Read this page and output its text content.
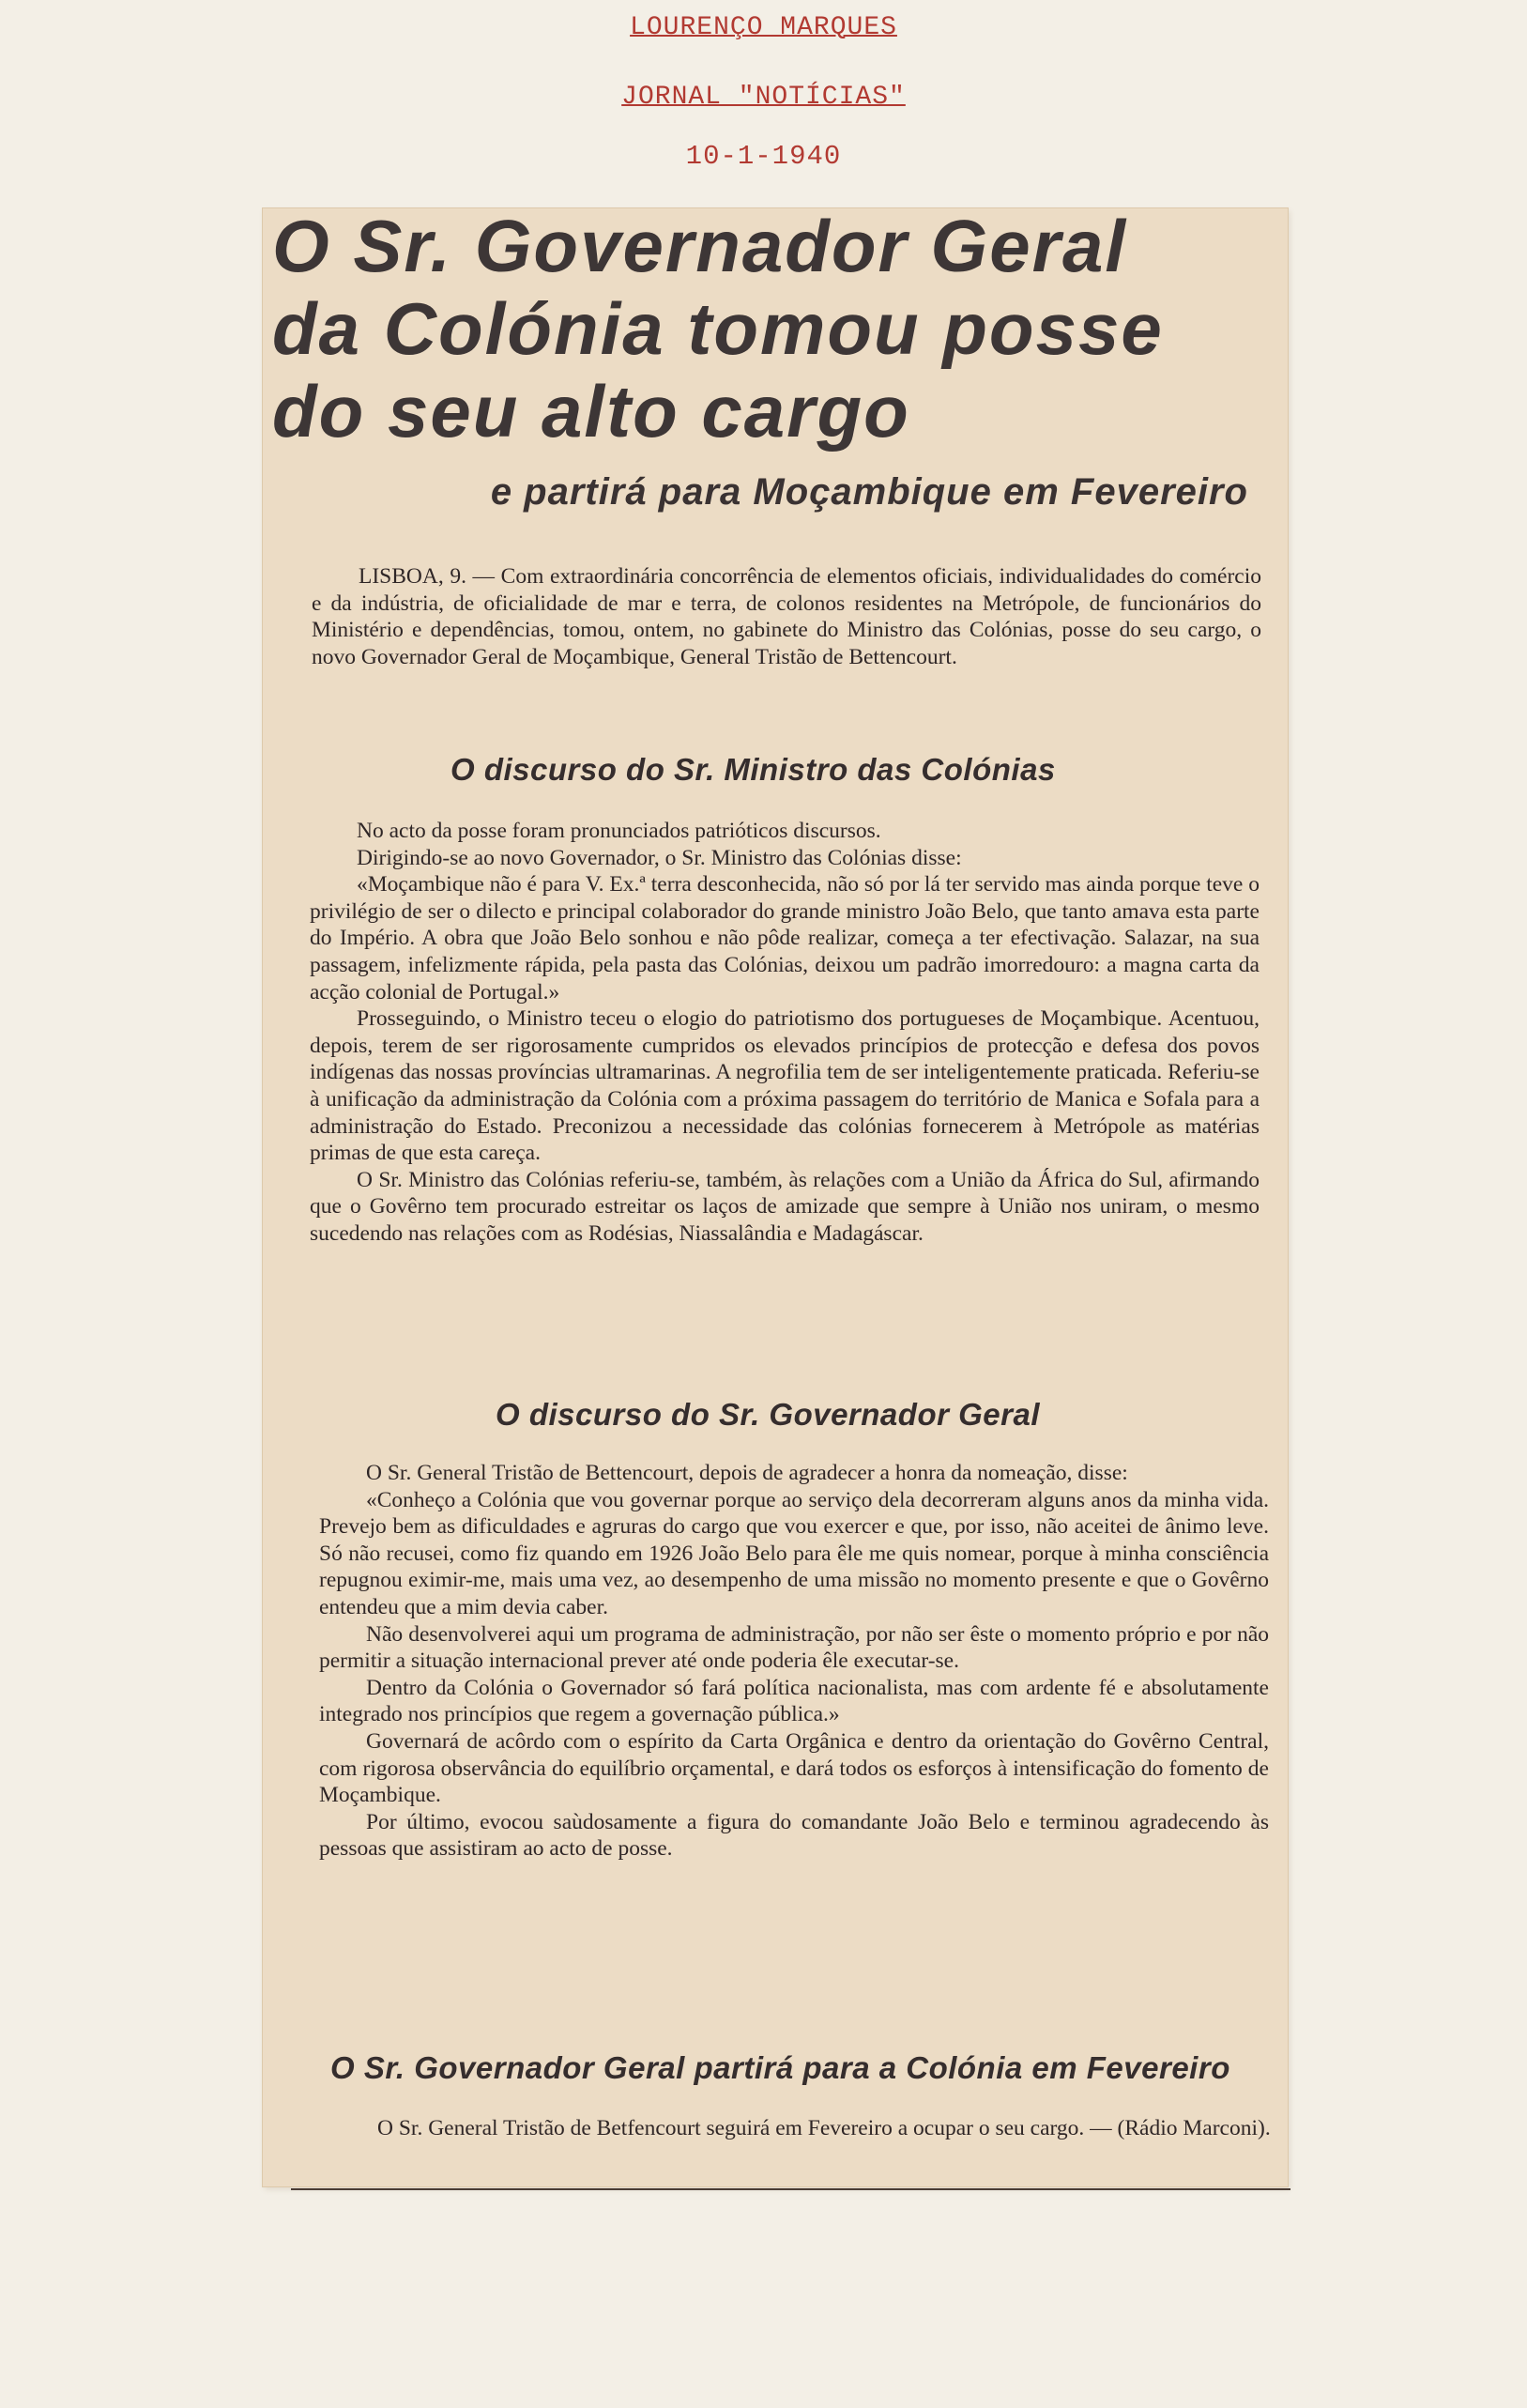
LOURENÇO MARQUES
JORNAL "NOTÍCIAS"
10-1-1940
O Sr. Governador Geral
da Colónia tomou posse
do seu alto cargo
e partirá para Moçambique em Fevereiro

LISBOA, 9. — Com extraordinária concorrência de elementos oficiais, individualidades do comércio e da indústria, de oficialidade de mar e terra, de colonos residentes na Metrópole, de funcionários do Ministério e dependências, tomou, ontem, no gabinete do Ministro das Colónias, posse do seu cargo, o novo Governador Geral de Moçambique, General Tristão de Bettencourt.

O discurso do Sr. Ministro das Colónias

No acto da posse foram pronunciados patrióticos discursos.

Dirigindo-se ao novo Governador, o Sr. Ministro das Colónias disse:

«Moçambique não é para V. Ex.ª terra desconhecida, não só por lá ter servido mas ainda porque teve o privilégio de ser o dilecto e principal colaborador do grande ministro João Belo, que tanto amava esta parte do Império. A obra que João Belo sonhou e não pôde realizar, começa a ter efectivação. Salazar, na sua passagem, infelizmente rápida, pela pasta das Colónias, deixou um padrão imorredouro: a magna carta da acção colonial de Portugal.»

Prosseguindo, o Ministro teceu o elogio do patriotismo dos portugueses de Moçambique. Acentuou, depois, terem de ser rigorosamente cumpridos os elevados princípios de protecção e defesa dos povos indígenas das nossas províncias ultramarinas. A negrofilia tem de ser inteligentemente praticada. Referiu-se à unificação da administração da Colónia com a próxima passagem do território de Manica e Sofala para a administração do Estado. Preconizou a necessidade das colónias fornecerem à Metrópole as matérias primas de que esta careça.

O Sr. Ministro das Colónias referiu-se, também, às relações com a União da África do Sul, afirmando que o Govêrno tem procurado estreitar os laços de amizade que sempre à União nos uniram, o mesmo sucedendo nas relações com as Rodésias, Niassalândia e Madagáscar.

O discurso do Sr. Governador Geral

O Sr. General Tristão de Bettencourt, depois de agradecer a honra da nomeação, disse:

«Conheço a Colónia que vou governar porque ao serviço dela decorreram alguns anos da minha vida. Prevejo bem as dificuldades e agruras do cargo que vou exercer e que, por isso, não aceitei de ânimo leve. Só não recusei, como fiz quando em 1926 João Belo para êle me quis nomear, porque à minha consciência repugnou eximir-me, mais uma vez, ao desempenho de uma missão no momento presente e que o Govêrno entendeu que a mim devia caber.

Não desenvolverei aqui um programa de administração, por não ser êste o momento próprio e por não permitir a situação internacional prever até onde poderia êle executar-se.

Dentro da Colónia o Governador só fará política nacionalista, mas com ardente fé e absolutamente integrado nos princípios que regem a governação pública.»

Governará de acôrdo com o espírito da Carta Orgânica e dentro da orientação do Govêrno Central, com rigorosa observância do equilíbrio orçamental, e dará todos os esforços à intensificação do fomento de Moçambique.

Por último, evocou saùdosamente a figura do comandante João Belo e terminou agradecendo às pessoas que assistiram ao acto de posse.

O Sr. Governador Geral partirá para a Colónia em Fevereiro

O Sr. General Tristão de Betfencourt seguirá em Fevereiro a ocupar o seu cargo. — (Rádio Marconi).
